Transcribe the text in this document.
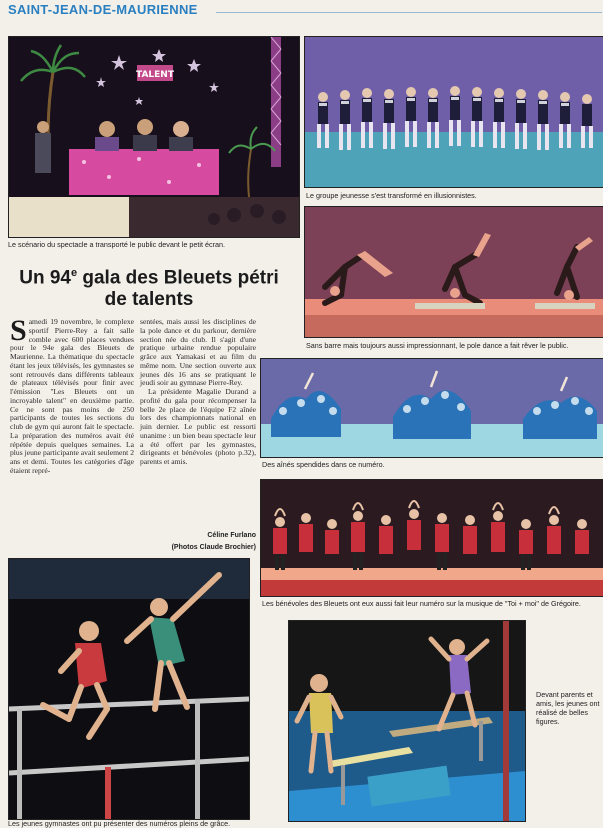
SAINT-JEAN-DE-MAURIENNE
TALENT
Le scénario du spectacle a transporté le public devant le petit écran.
Le groupe jeunesse s'est transformé en illusionnistes.
Sans barre mais toujours aussi impressionnant, le pole dance a fait rêver le public.
Des aînés spendides dans ce numéro.
Les bénévoles des Bleuets ont eux aussi fait leur numéro sur la musique de "Toi + moi" de Grégoire.
Un 94e gala des Bleuets pétri de talents
Samedi 19 novembre, le complexe sportif Pierre-Rey a fait salle comble avec 600 places vendues pour le 94e gala des Bleuets de Maurienne. La thématique du spectacle étant les jeux télévisés, les gymnastes se sont retrouvés dans différents tableaux de plateaux télévisés pour finir avec l'émission "Les Bleuets ont un incroyable talent" en deuxième partie. Ce ne sont pas moins de 250 participants de toutes les sections du club de gym qui auront fait le spectacle. La préparation des numéros avait été répétée depuis quelques semaines. La plus jeune participante avait seulement 2 ans et demi. Toutes les catégories d'âge étaient repré-

sentées, mais aussi les disciplines de la pole dance et du parkour, dernière section née du club. Il s'agit d'une pratique urbaine rendue populaire grâce aux Yamakasi et au film du même nom. Une section ouverte aux jeunes dès 16 ans se pratiquant le jeudi soir au gymnase Pierre-Rey.

La présidente Magalie Durand a profité du gala pour récompenser la belle 2e place de l'équipe F2 aînée lors des championnats national en juin dernier. Le public est ressorti unanime : un bien beau spectacle leur a été offert par les gymnastes, dirigeants et bénévoles (photo p.32), parents et amis.

Céline Furlano
(Photos Claude Brochier)
Les jeunes gymnastes ont pu présenter des numéros pleins de grâce.
Devant parents et amis, les jeunes ont réalisé de belles figures.
